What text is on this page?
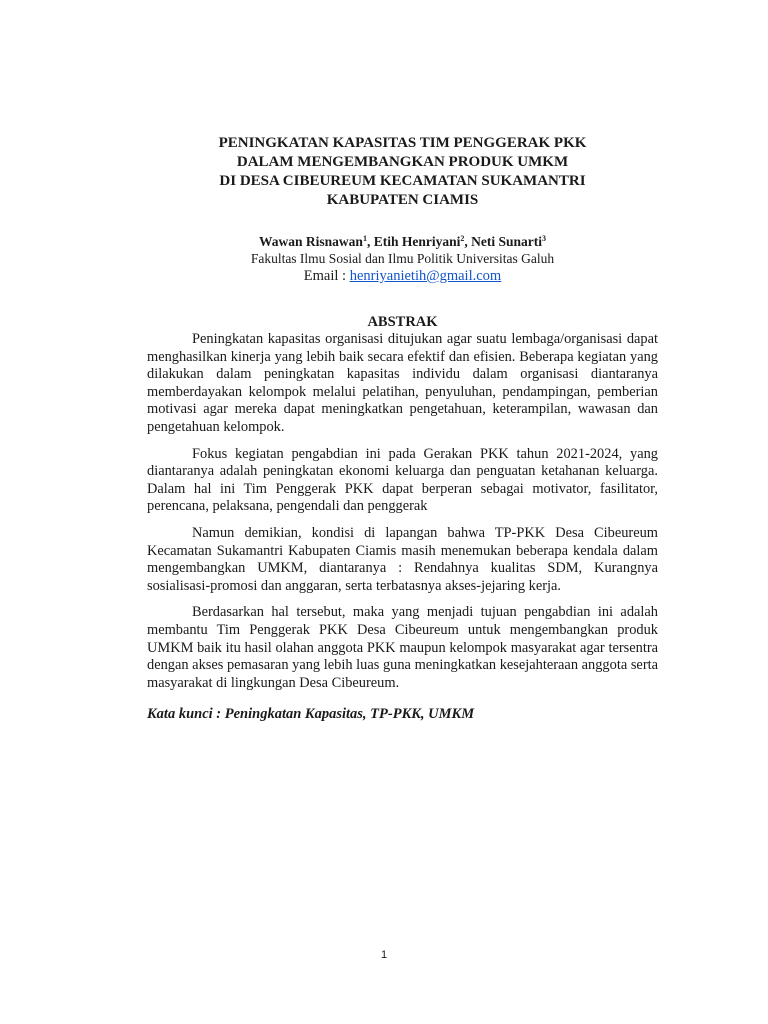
PENINGKATAN KAPASITAS TIM PENGGERAK PKK
DALAM MENGEMBANGKAN PRODUK UMKM
DI DESA CIBEUREUM KECAMATAN SUKAMANTRI
KABUPATEN CIAMIS
Wawan Risnawan$^1$, Etih Henriyani$^2$, Neti Sunarti$^3$
Fakultas Ilmu Sosial dan Ilmu Politik Universitas Galuh
Email : henriyanietih@gmail.com
ABSTRAK

Peningkatan kapasitas organisasi ditujukan agar suatu lembaga/organisasi dapat menghasilkan kinerja yang lebih baik secara efektif dan efisien. Beberapa kegiatan yang dilakukan dalam peningkatan kapasitas individu dalam organisasi diantaranya memberdayakan kelompok melalui pelatihan, penyuluhan, pendampingan, pemberian motivasi agar mereka dapat meningkatkan pengetahuan, keterampilan, wawasan dan pengetahuan kelompok.

Fokus kegiatan pengabdian ini pada Gerakan PKK tahun 2021-2024, yang diantaranya adalah peningkatan ekonomi keluarga dan penguatan ketahanan keluarga. Dalam hal ini Tim Penggerak PKK dapat berperan sebagai motivator, fasilitator, perencana, pelaksana, pengendali dan penggerak

Namun demikian, kondisi di lapangan bahwa TP-PKK Desa Cibeureum Kecamatan Sukamantri Kabupaten Ciamis masih menemukan beberapa kendala dalam mengembangkan UMKM, diantaranya : Rendahnya kualitas SDM, Kurangnya sosialisasi-promosi dan anggaran, serta terbatasnya akses-jejaring kerja.

Berdasarkan hal tersebut, maka yang menjadi tujuan pengabdian ini adalah membantu Tim Penggerak PKK Desa Cibeureum untuk mengembangkan produk UMKM baik itu hasil olahan anggota PKK maupun kelompok masyarakat agar tersentra dengan akses pemasaran yang lebih luas guna meningkatkan kesejahteraan anggota serta masyarakat di lingkungan Desa Cibeureum.

Kata kunci : Peningkatan Kapasitas, TP-PKK, UMKM
1
